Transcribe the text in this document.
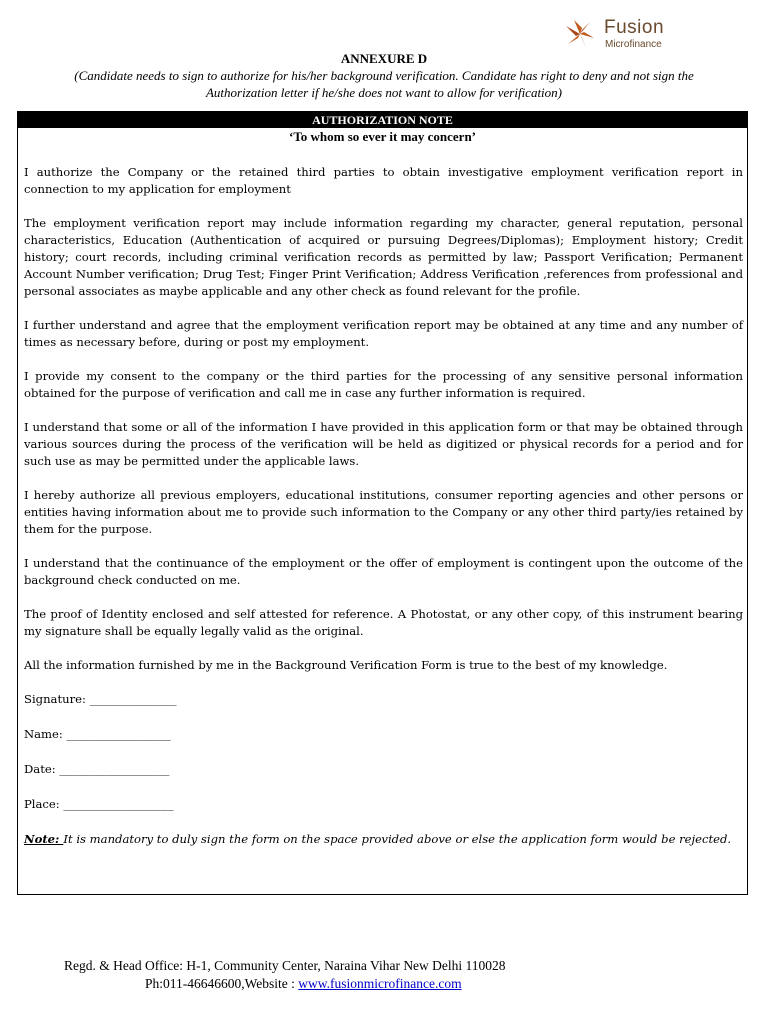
Fusion
Microfinance
ANNEXURE D
(Candidate needs to sign to authorize for his/her background verification. Candidate has right to deny and not sign the Authorization letter if he/she does not want to allow for verification)
AUTHORIZATION NOTE
‘To whom so ever it may concern’

I authorize the Company or the retained third parties to obtain investigative employment verification report in connection to my application for employment

The employment verification report may include information regarding my character, general reputation, personal characteristics, Education (Authentication of acquired or pursuing Degrees/Diplomas); Employment history; Credit history; court records, including criminal verification records as permitted by law; Passport Verification; Permanent Account Number verification; Drug Test; Finger Print Verification; Address Verification ,references from professional and personal associates as maybe applicable and any other check as found relevant for the profile.

I further understand and agree that the employment verification report may be obtained at any time and any number of times as necessary before, during or post my employment.

I provide my consent to the company or the third parties for the processing of any sensitive personal information obtained for the purpose of verification and call me in case any further information is required.

I understand that some or all of the information I have provided in this application form or that may be obtained through various sources during the process of the verification will be held as digitized or physical records for a period and for such use as may be permitted under the applicable laws.

I hereby authorize all previous employers, educational institutions, consumer reporting agencies and other persons or entities having information about me to provide such information to the Company or any other third party/ies retained by them for the purpose.

I understand that the continuance of the employment or the offer of employment is contingent upon the outcome of the background check conducted on me.

The proof of Identity enclosed and self attested for reference. A Photostat, or any other copy, of this instrument bearing my signature shall be equally legally valid as the original.

All the information furnished by me in the Background Verification Form is true to the best of my knowledge.

Signature: _______________
Name: __________________
Date: ___________________
Place: ___________________
Note: It is mandatory to duly sign the form on the space provided above or else the application form would be rejected.
Regd. & Head Office: H-1, Community Center, Naraina Vihar New Delhi 110028
Ph:011-46646600,Website : www.fusionmicrofinance.com
